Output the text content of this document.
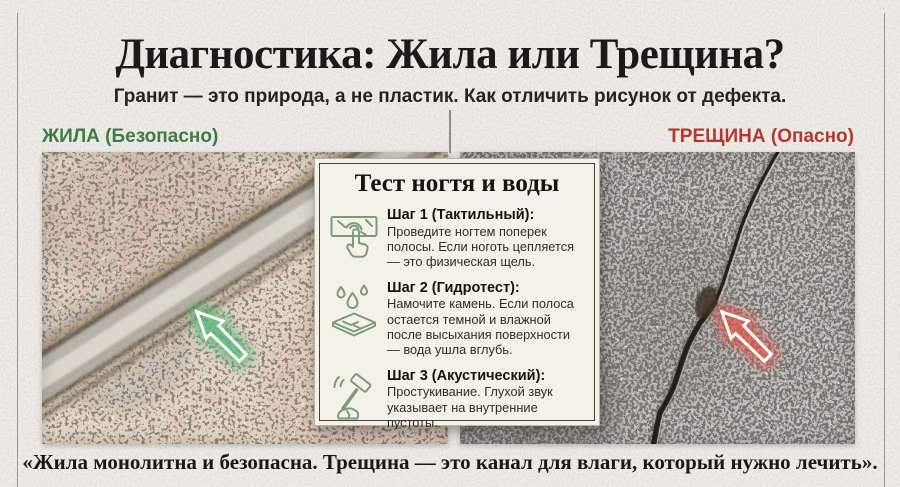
Диагностика: Жила или Трещина?

Гранит — это природа, а не пластик. Как отличить рисунок от дефекта.

ЖИЛА (Безопасно)	ТРЕЩИНА (Опасно)
Тест ногтя и воды
Шаг 1 (Тактильный):
Проведите ногтем поперек полосы. Если ноготь цепляется — это физическая щель.
Шаг 2 (Гидротест):
Намочите камень. Если полоса остается темной и влажной после высыхания поверхности — вода ушла вглубь.
Шаг 3 (Акустический):
Простукивание. Глухой звук указывает на внутренние пустоты.

«Жила монолитна и безопасна. Трещина — это канал для влаги, который нужно лечить».
